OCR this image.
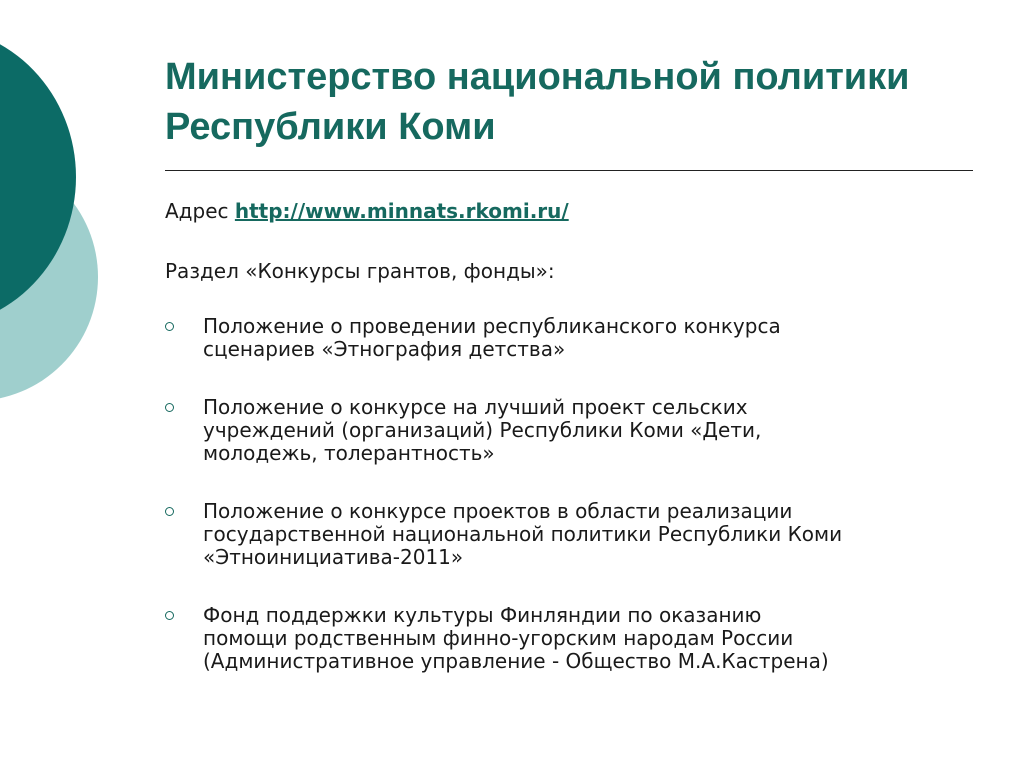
Министерство национальной политики Республики Коми
Адрес http://www.minnats.rkomi.ru/
Раздел «Конкурсы грантов, фонды»:
Положение о проведении республиканского конкурса
сценариев «Этнография детства»
Положение о конкурсе на лучший проект сельских
учреждений (организаций) Республики Коми «Дети,
молодежь, толерантность»
Положение о конкурсе проектов в области реализации
государственной национальной политики Республики Коми
«Этноинициатива-2011»
Фонд поддержки культуры Финляндии по оказанию
помощи родственным финно-угорским народам России
(Административное управление - Общество М.А.Кастрена)
